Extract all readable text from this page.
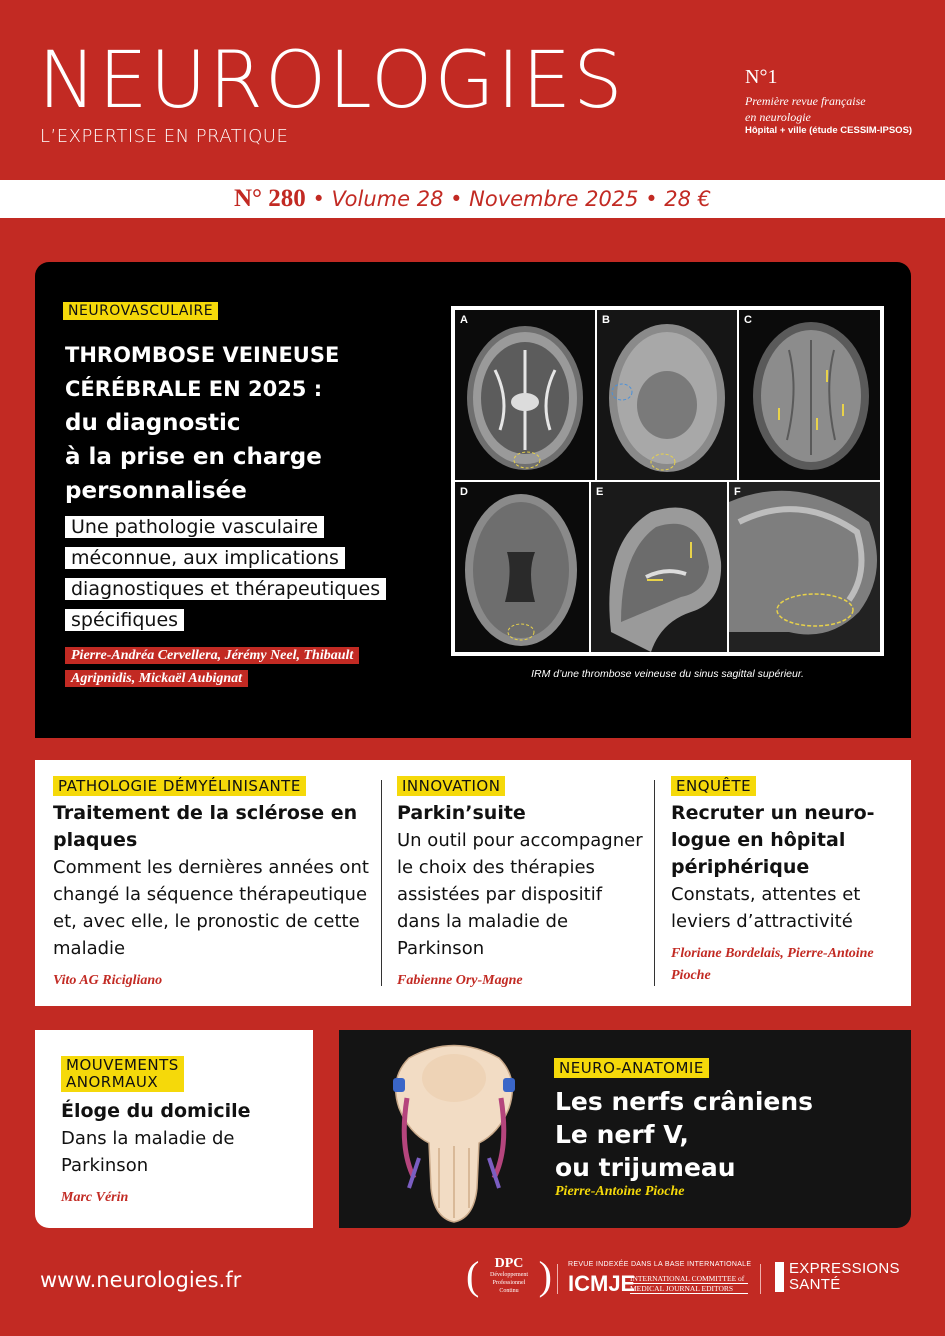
NEUROLOGIES
L’EXPERTISE EN PRATIQUE
N°1
Première revue française
en neurologie
Hôpital + ville (étude CESSIM-IPSOS)
N° 280 • Volume 28 • Novembre 2025 • 28 €
NEUROVASCULAIRE
THROMBOSE VEINEUSE
CÉRÉBRALE EN 2025 :
du diagnostic
à la prise en charge
personnalisée
Une pathologie vasculaire méconnue, aux implications diagnostiques et thérapeutiques spécifiques
Pierre-Andréa Cervellera, Jérémy Neel, Thibault Agripnidis, Mickaël Aubignat
A	B	C
D	E	F
IRM d’une thrombose veineuse du sinus sagittal supérieur.
PATHOLOGIE DÉMYÉLINISANTE
Traitement de la sclérose en plaques
Comment les dernières années ont changé la séquence thérapeutique et, avec elle, le pronostic de cette maladie
Vito AG Ricigliano
INNOVATION
Parkin’suite
Un outil pour accompagner le choix des thérapies assistées par dispositif dans la maladie de Parkinson
Fabienne Ory-Magne
ENQUÊTE
Recruter un neuro-logue en hôpital périphérique
Constats, attentes et leviers d’attractivité
Floriane Bordelais, Pierre-Antoine Pioche
MOUVEMENTS
ANORMAUX
Éloge du domicile
Dans la maladie de Parkinson
Marc Vérin
NEURO-ANATOMIE
Les nerfs crâniens
Le nerf V,
ou trijumeau
Pierre-Antoine Pioche
www.neurologies.fr	(	DPC
Développement
Professionnel
Continu ) REVUE INDEXÉE DANS LA BASE INTERNATIONALE
ICMJE
INTERNATIONAL COMMITTEE of
MEDICAL JOURNAL EDITORS
EXPRESSIONS
SANTÉ
